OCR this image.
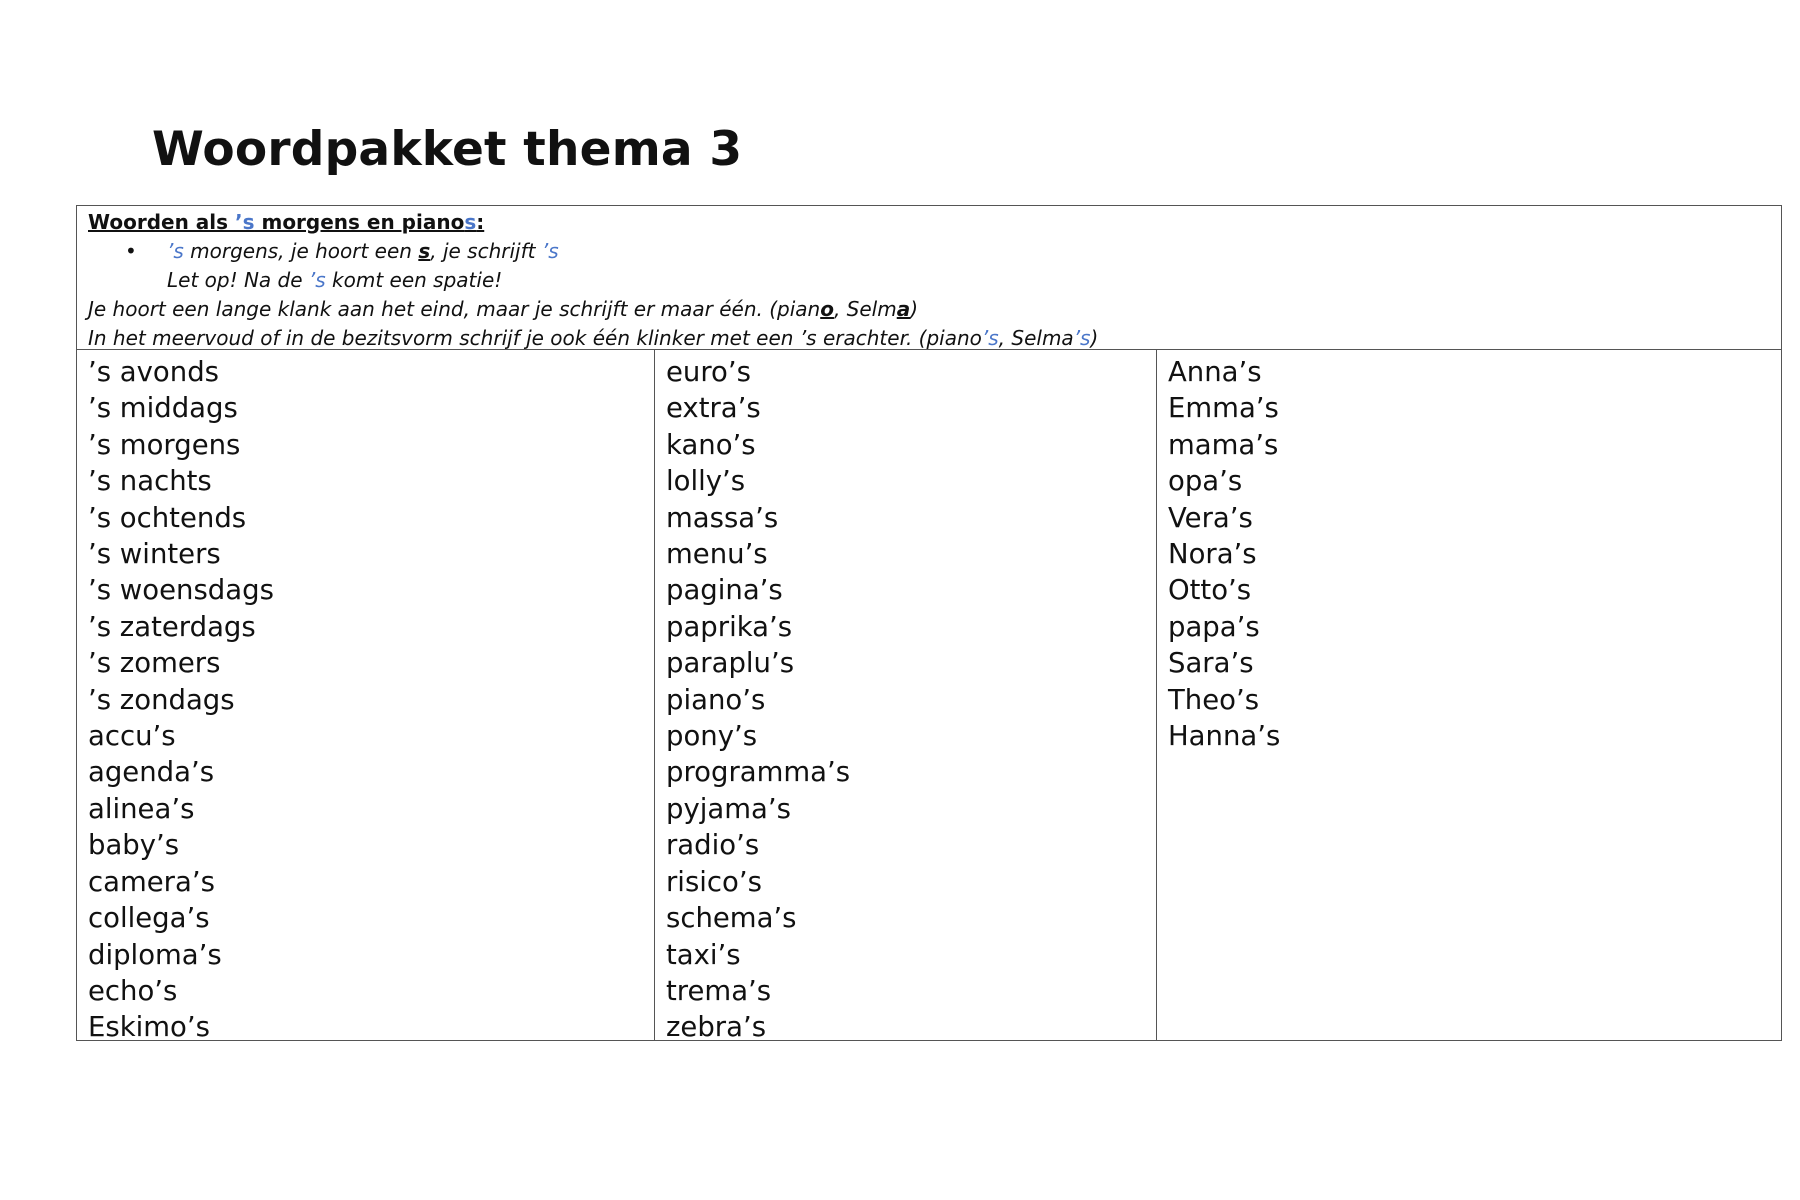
Woordpakket thema 3
Woorden als ’s morgens en pianos:
• ’s morgens, je hoort een s, je schrijft ’s
Let op! Na de ’s komt een spatie!
Je hoort een lange klank aan het eind, maar je schrijft er maar één. (piano, Selma)
In het meervoud of in de bezitsvorm schrijf je ook één klinker met een ’s erachter. (piano’s, Selma’s)
’s avonds
’s middags
’s morgens
’s nachts
’s ochtends
’s winters
’s woensdags
’s zaterdags
’s zomers
’s zondags
accu’s
agenda’s
alinea’s
baby’s
camera’s
collega’s
diploma’s
echo’s
Eskimo’s
euro’s
extra’s
kano’s
lolly’s
massa’s
menu’s
pagina’s
paprika’s
paraplu’s
piano’s
pony’s
programma’s
pyjama’s
radio’s
risico’s
schema’s
taxi’s
trema’s
zebra’s
Anna’s
Emma’s
mama’s
opa’s
Vera’s
Nora’s
Otto’s
papa’s
Sara’s
Theo’s
Hanna’s
